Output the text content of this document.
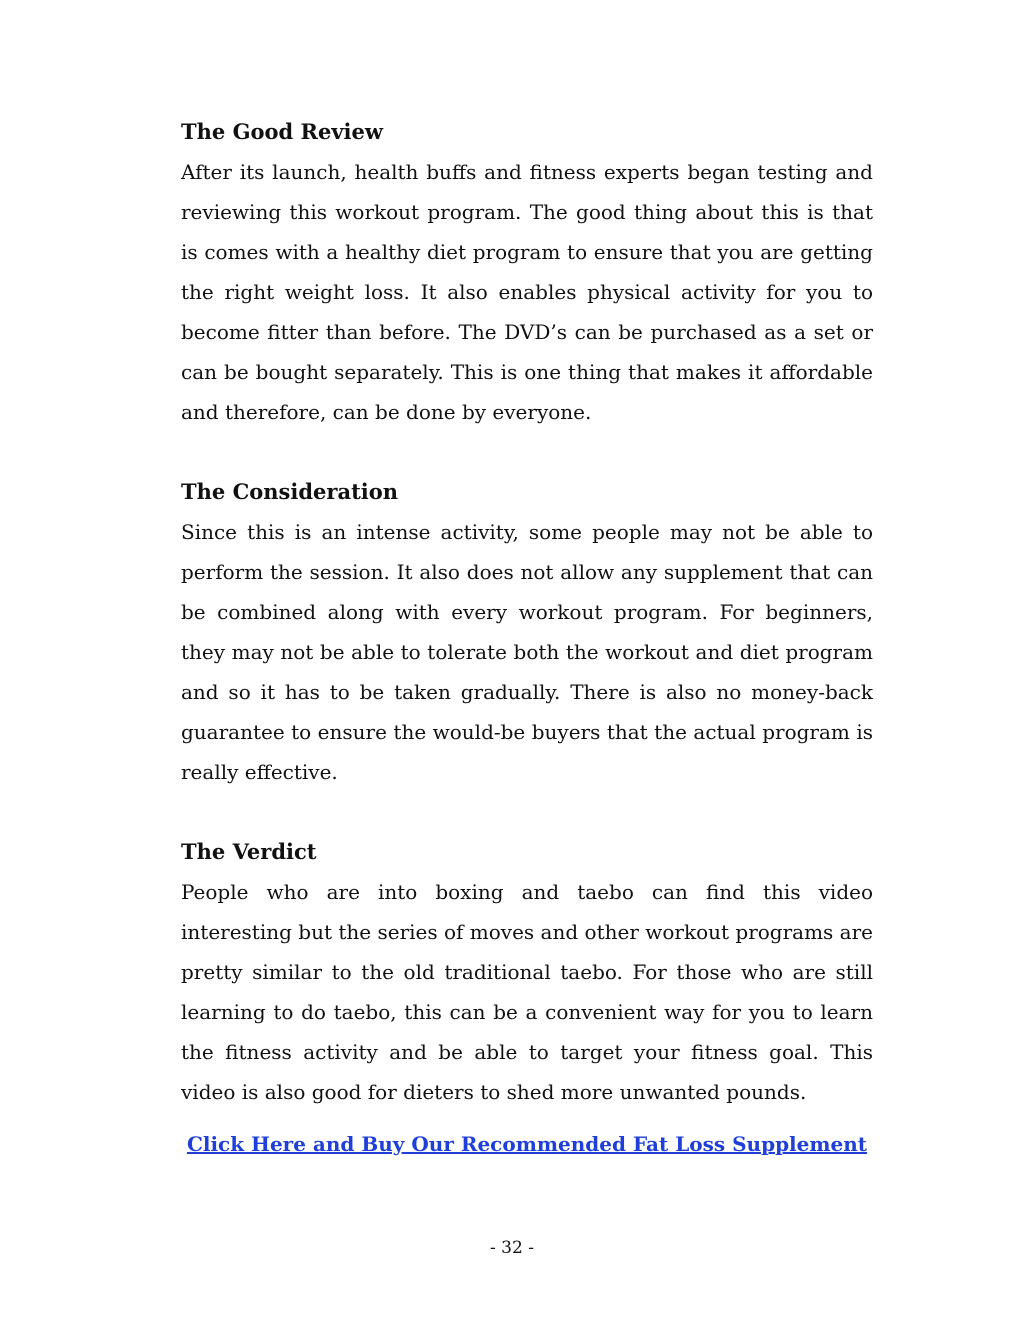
The Good Review

After its launch, health buffs and fitness experts began testing and reviewing this workout program. The good thing about this is that is comes with a healthy diet program to ensure that you are getting the right weight loss. It also enables physical activity for you to become fitter than before. The DVD’s can be purchased as a set or can be bought separately. This is one thing that makes it affordable and therefore, can be done by everyone.

The Consideration

Since this is an intense activity, some people may not be able to perform the session. It also does not allow any supplement that can be combined along with every workout program. For beginners, they may not be able to tolerate both the workout and diet program and so it has to be taken gradually. There is also no money-back guarantee to ensure the would-be buyers that the actual program is really effective.

The Verdict

People who are into boxing and taebo can find this video interesting but the series of moves and other workout programs are pretty similar to the old traditional taebo. For those who are still learning to do taebo, this can be a convenient way for you to learn the fitness activity and be able to target your fitness goal. This video is also good for dieters to shed more unwanted pounds.

Click Here and Buy Our Recommended Fat Loss Supplement
- 32 -
